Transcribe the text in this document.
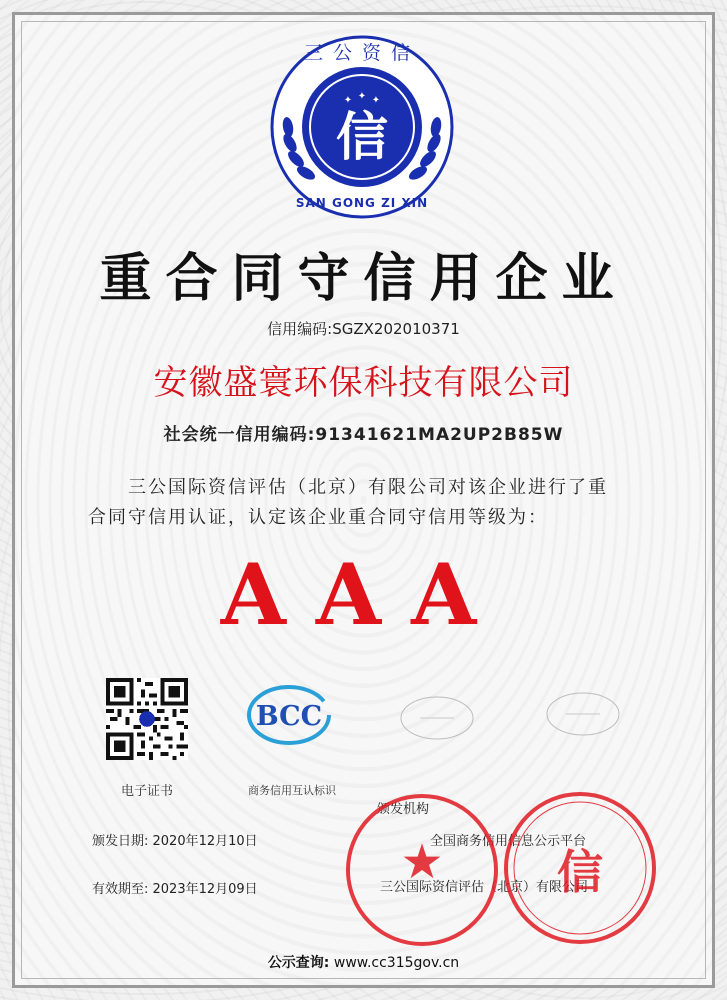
✦ ✦ ✦
信
三公资信
SAN GONG ZI XIN
重合同守信用企业
信用编码:SGZX202010371
安徽盛寰环保科技有限公司
社会统一信用编码:91341621MA2UP2B85W
三公国际资信评估（北京）有限公司对该企业进行了重
合同守信用认证，认定该企业重合同守信用等级为：
AAA
电子证书
BCC
商务信用互认标识
颁发日期: 2020年12月10日
有效期至: 2023年12月09日
颁发机构
全国商务信用信息公示平台
三公国际资信评估（北京）有限公司
★ 信
公示查询: www.cc315gov.cn
